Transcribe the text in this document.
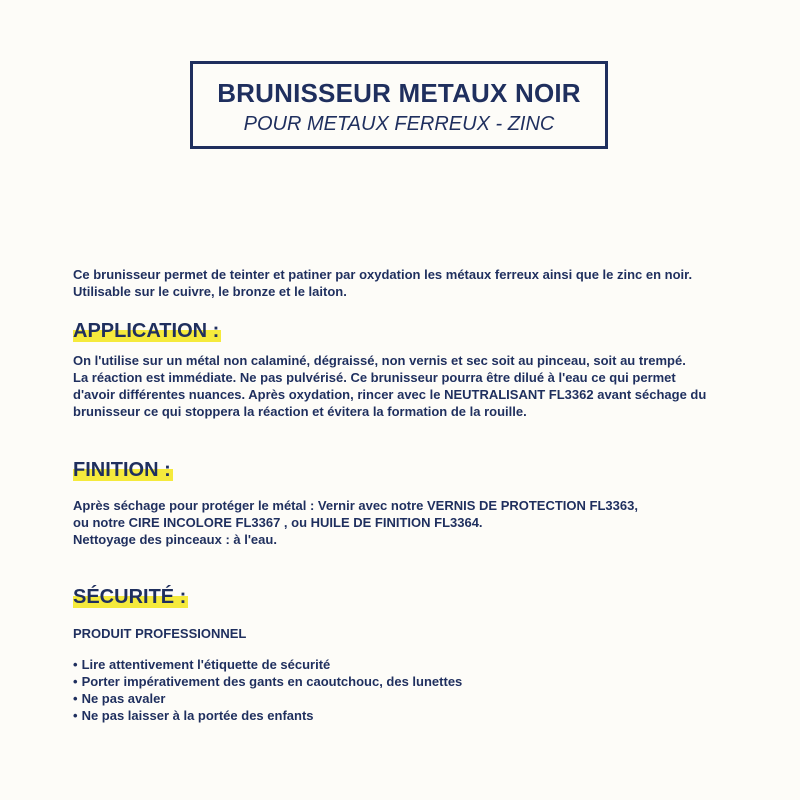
BRUNISSEUR METAUX NOIR
POUR METAUX FERREUX - ZINC

Ce brunisseur permet de teinter et patiner par oxydation les métaux ferreux ainsi que le zinc en noir.

Utilisable sur le cuivre, le bronze et le laiton.

APPLICATION :

On l'utilise sur un métal non calaminé, dégraissé, non vernis et sec soit au pinceau, soit au trempé.

La réaction est immédiate. Ne pas pulvérisé. Ce brunisseur pourra être dilué à l'eau ce qui permet

d'avoir différentes nuances. Après oxydation, rincer avec le NEUTRALISANT FL3362 avant séchage du

brunisseur ce qui stoppera la réaction et évitera la formation de la rouille.

FINITION :

Après séchage pour protéger le métal : Vernir avec notre VERNIS DE PROTECTION FL3363,

ou notre CIRE INCOLORE FL3367 , ou HUILE DE FINITION FL3364.

Nettoyage des pinceaux : à l'eau.

SÉCURITÉ :
PRODUIT PROFESSIONNEL
• Lire attentivement l'étiquette de sécurité
• Porter impérativement des gants en caoutchouc, des lunettes
• Ne pas avaler
• Ne pas laisser à la portée des enfants
